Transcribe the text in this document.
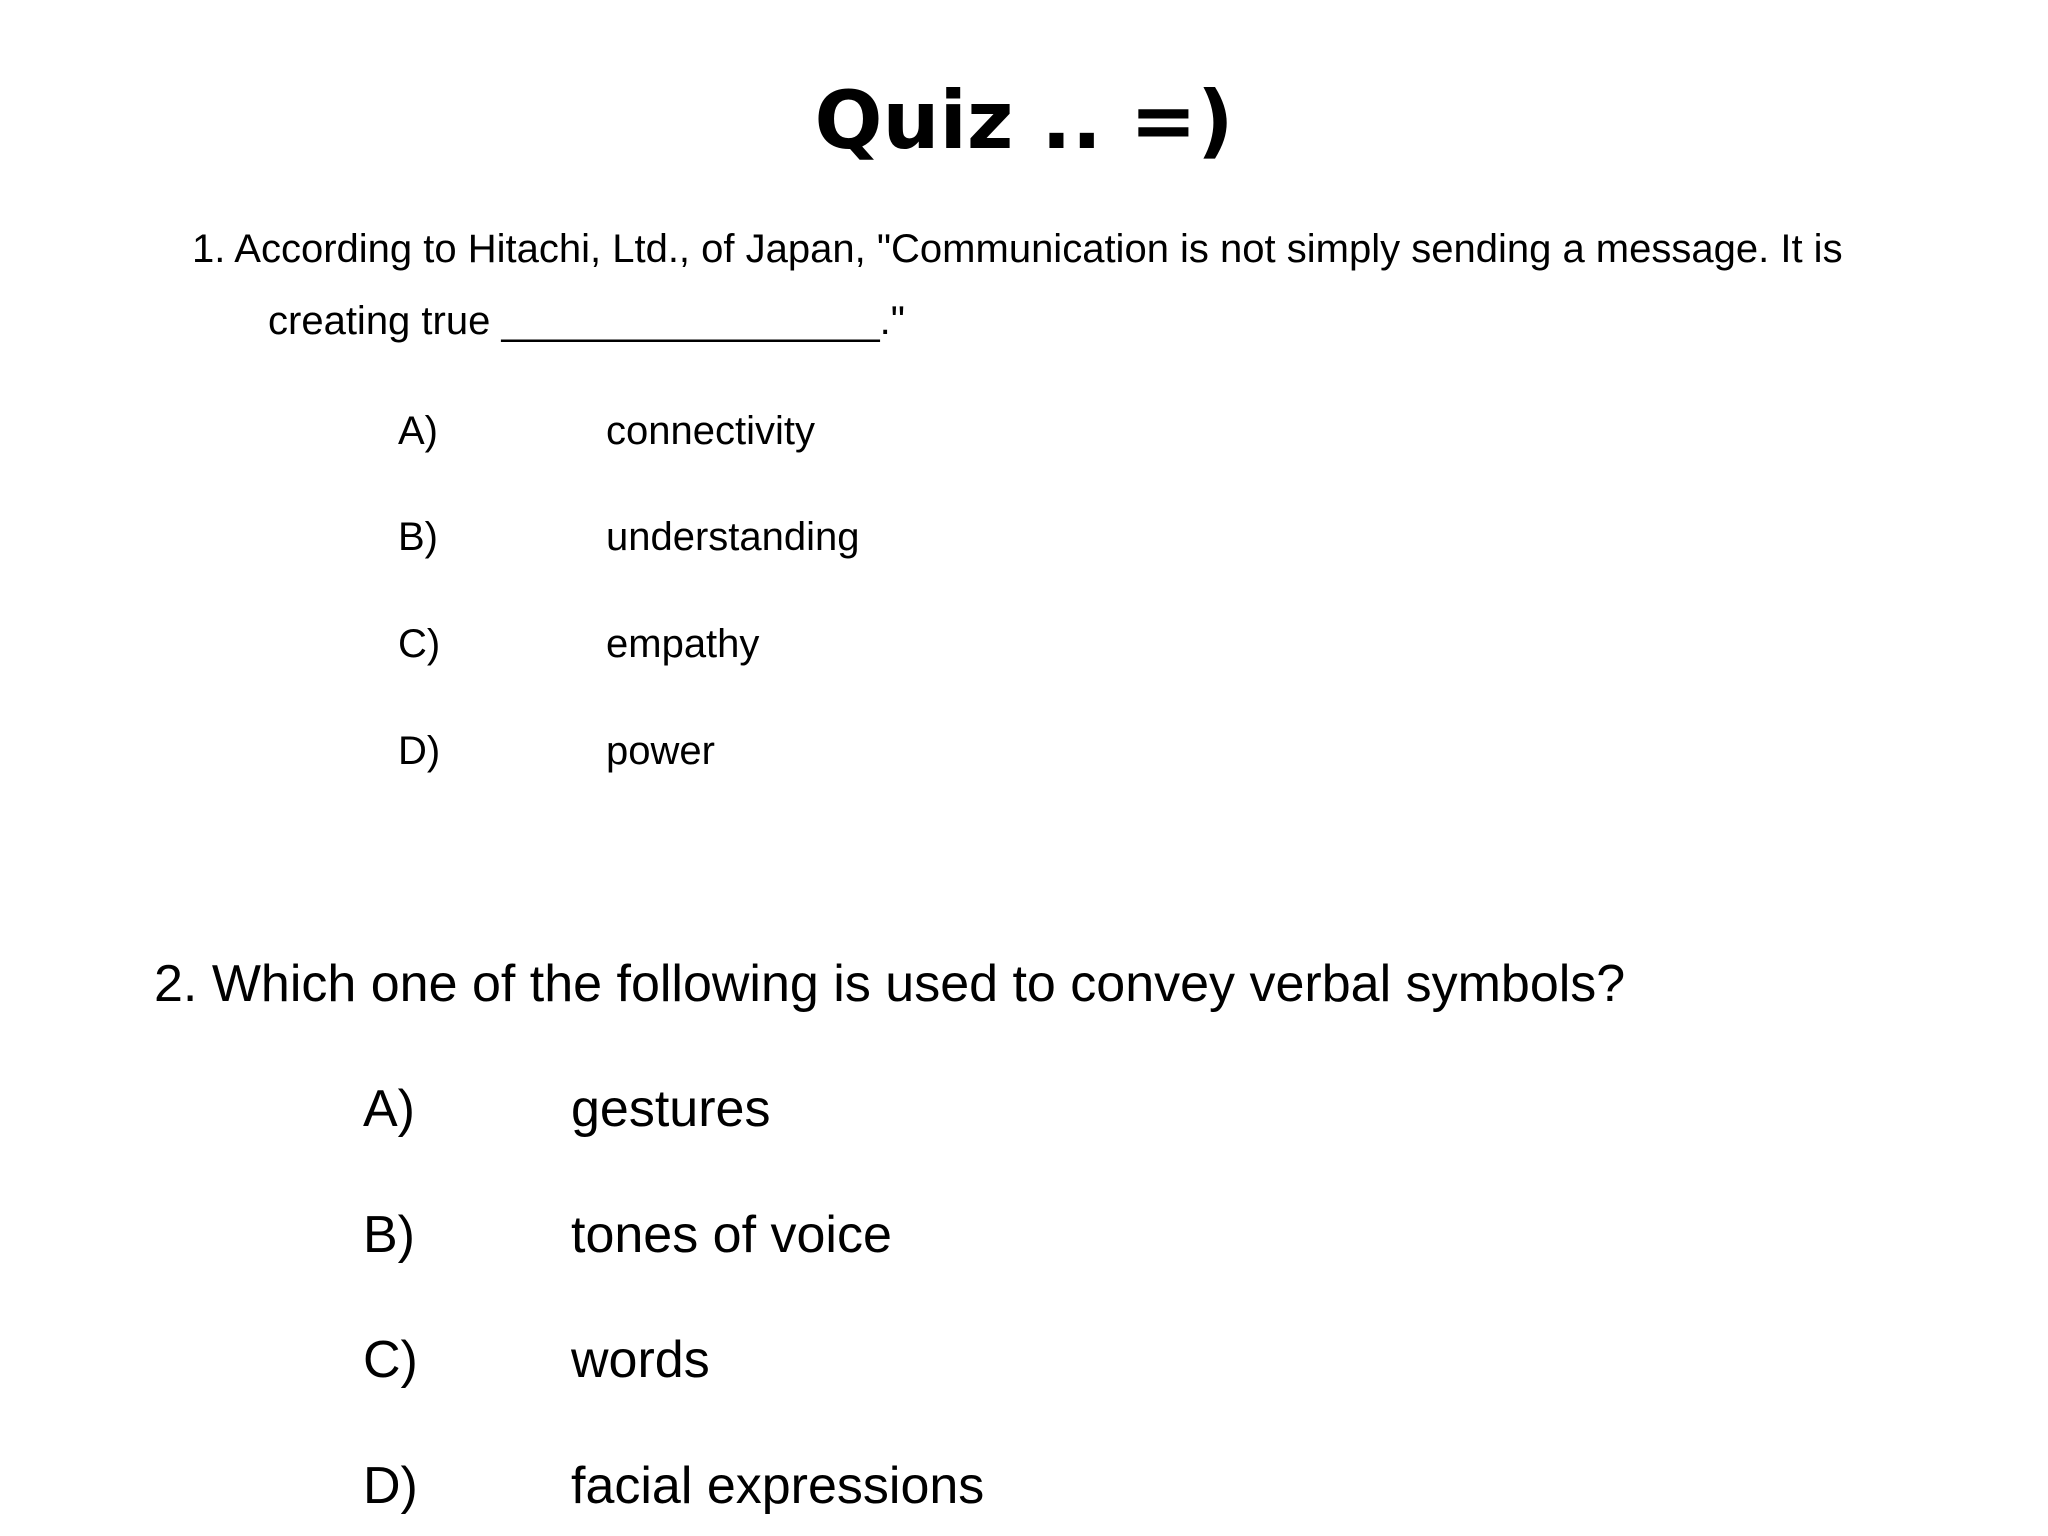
Quiz .. =)
1. According to Hitachi, Ltd., of Japan, "Communication is not simply sending a message. It is
creating true _________________."
A)	connectivity
B)	understanding
C)	empathy
D)	power
2. Which one of the following is used to convey verbal symbols?
A)	gestures
B)	tones of voice
C)	words
D)	facial expressions
